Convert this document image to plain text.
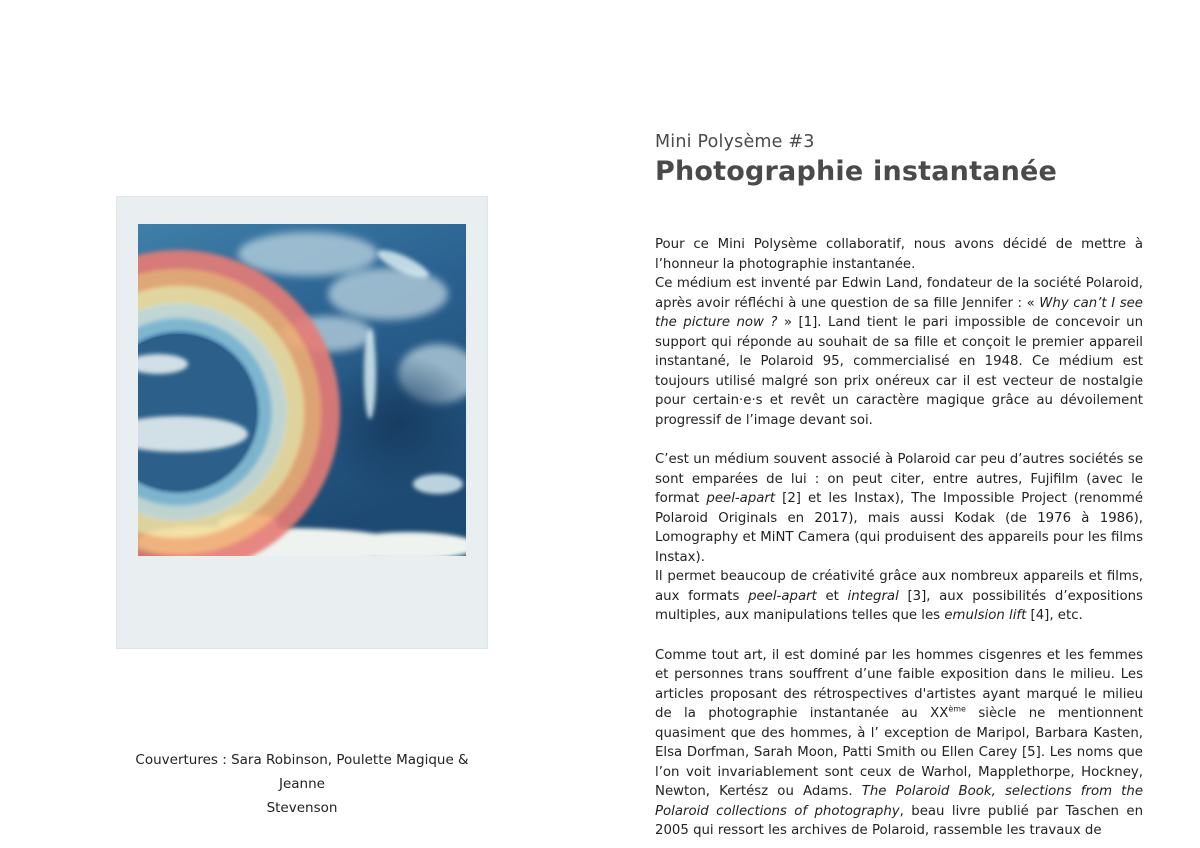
Couvertures : Sara Robinson, Poulette Magique & Jeanne
Stevenson
Mini Polysème #3
Photographie instantanée

Pour ce Mini Polysème collaboratif, nous avons décidé de mettre à l’honneur la photographie instantanée.

Ce médium est inventé par Edwin Land, fondateur de la société Polaroid, après avoir réfléchi à une question de sa fille Jennifer : « Why can’t I see the picture now ? » [1]. Land tient le pari impossible de concevoir un support qui réponde au souhait de sa fille et conçoit le premier appareil instantané, le Polaroid 95, commercialisé en 1948. Ce médium est toujours utilisé malgré son prix onéreux car il est vecteur de nostalgie pour certain·e·s et revêt un caractère magique grâce au dévoilement progressif de l’image devant soi.

C’est un médium souvent associé à Polaroid car peu d’autres sociétés se sont emparées de lui : on peut citer, entre autres, Fujifilm (avec le format peel-apart [2] et les Instax), The Impossible Project (renommé Polaroid Originals en 2017), mais aussi Kodak (de 1976 à 1986), Lomography et MiNT Camera (qui produisent des appareils pour les films Instax).

Il permet beaucoup de créativité grâce aux nombreux appareils et films, aux formats peel-apart et integral [3], aux possibilités d’expositions multiples, aux manipulations telles que les emulsion lift [4], etc.

Comme tout art, il est dominé par les hommes cisgenres et les femmes et personnes trans souffrent d’une faible exposition dans le milieu. Les articles proposant des rétrospectives d'artistes ayant marqué le milieu de la photographie instantanée au XXème siècle ne mentionnent quasiment que des hommes, à l’ exception de Maripol, Barbara Kasten, Elsa Dorfman, Sarah Moon, Patti Smith ou Ellen Carey [5]. Les noms que l’on voit invariablement sont ceux de Warhol, Mapplethorpe, Hockney, Newton, Kertész ou Adams. The Polaroid Book, selections from the Polaroid collections of photography, beau livre publié par Taschen en 2005 qui ressort les archives de Polaroid, rassemble les travaux de
